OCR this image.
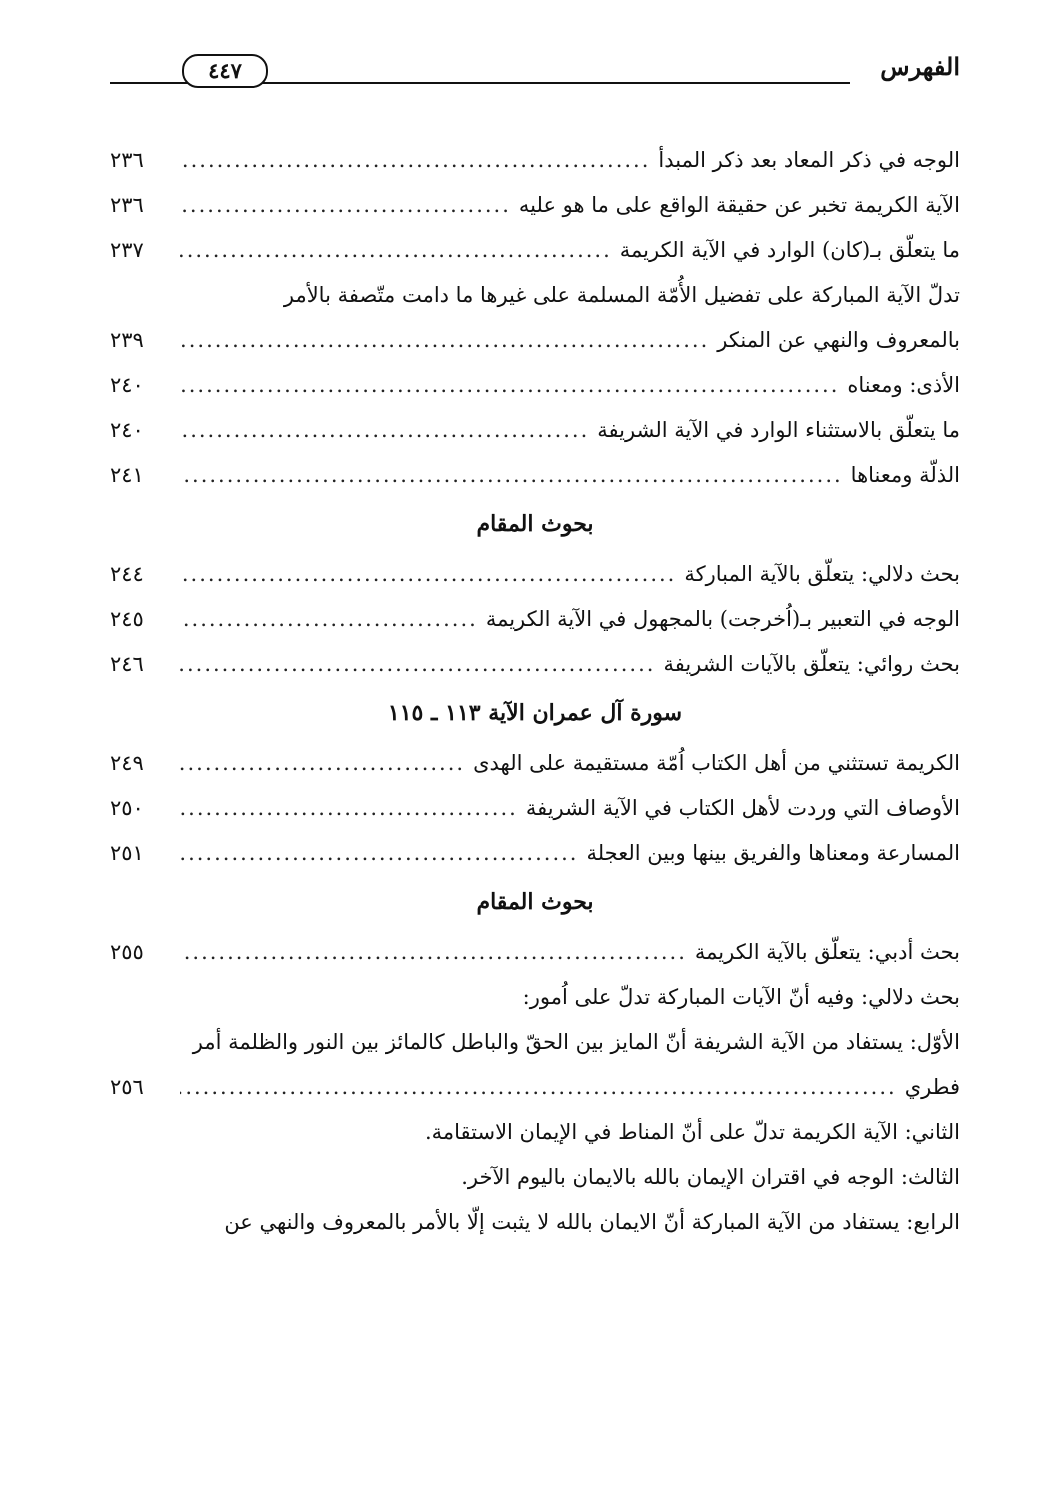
الفهرس
٤٤٧
الوجه في ذكر المعاد بعد ذكر المبدأ
.....
٢٣٦
الآية الكريمة تخبر عن حقيقة الواقع على ما هو عليه
.....
٢٣٦
ما يتعلّق بـ(كان) الوارد في الآية الكريمة
.....
٢٣٧
تدلّ الآية المباركة على تفضيل الأُمّة المسلمة على غيرها ما دامت متّصفة بالأمر
بالمعروف والنهي عن المنكر
.....
٢٣٩
الأذى: ومعناه
.....
٢٤٠
ما يتعلّق بالاستثناء الوارد في الآية الشريفة
.....
٢٤٠
الذلّة ومعناها
.....
٢٤١
بحوث المقام
بحث دلالي: يتعلّق بالآية المباركة
.....
٢٤٤
الوجه في التعبير بـ(اُخرجت) بالمجهول في الآية الكريمة
.....
٢٤٥
بحث روائي: يتعلّق بالآيات الشريفة
.....
٢٤٦
سورة آل عمران الآية ١١٣ ـ ١١٥
الكريمة تستثني من أهل الكتاب اُمّة مستقيمة على الهدى
.....
٢٤٩
الأوصاف التي وردت لأهل الكتاب في الآية الشريفة
.....
٢٥٠
المسارعة ومعناها والفريق بينها وبين العجلة
.....
٢٥١
بحوث المقام
بحث أدبي: يتعلّق بالآية الكريمة
.....
٢٥٥
بحث دلالي: وفيه أنّ الآيات المباركة تدلّ على اُمور:
الأوّل: يستفاد من الآية الشريفة أنّ المايز بين الحقّ والباطل كالمائز بين النور والظلمة أمر
فطري
.....
٢٥٦
الثاني: الآية الكريمة تدلّ على أنّ المناط في الإيمان الاستقامة.
الثالث: الوجه في اقتران الإيمان بالله بالايمان باليوم الآخر.
الرابع: يستفاد من الآية المباركة أنّ الايمان بالله لا يثبت إلّا بالأمر بالمعروف والنهي عن
